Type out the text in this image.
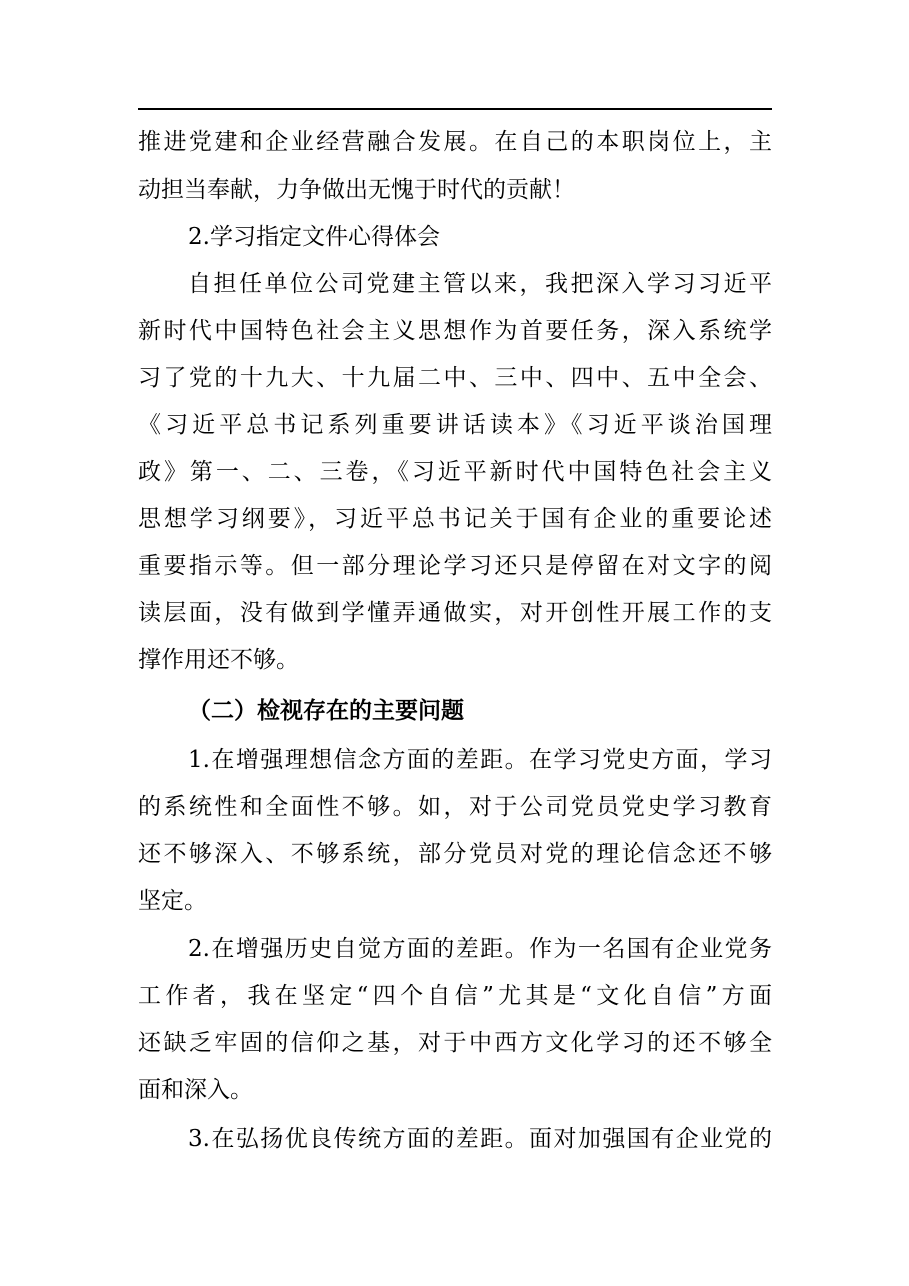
推进党建和企业经营融合发展。在自己的本职岗位上，主
动担当奉献，力争做出无愧于时代的贡献！
2.学习指定文件心得体会
自担任单位公司党建主管以来，我把深入学习习近平
新时代中国特色社会主义思想作为首要任务，深入系统学
习了党的十九大、十九届二中、三中、四中、五中全会、
《习近平总书记系列重要讲话读本》《习近平谈治国理
政》第一、二、三卷，《习近平新时代中国特色社会主义
思想学习纲要》，习近平总书记关于国有企业的重要论述
重要指示等。但一部分理论学习还只是停留在对文字的阅
读层面，没有做到学懂弄通做实，对开创性开展工作的支
撑作用还不够。
（二）检视存在的主要问题
1.在增强理想信念方面的差距。在学习党史方面，学习
的系统性和全面性不够。如，对于公司党员党史学习教育
还不够深入、不够系统，部分党员对党的理论信念还不够
坚定。
2.在增强历史自觉方面的差距。作为一名国有企业党务
工作者，我在坚定“四个自信”尤其是“文化自信”方面
还缺乏牢固的信仰之基，对于中西方文化学习的还不够全
面和深入。
3.在弘扬优良传统方面的差距。面对加强国有企业党的
